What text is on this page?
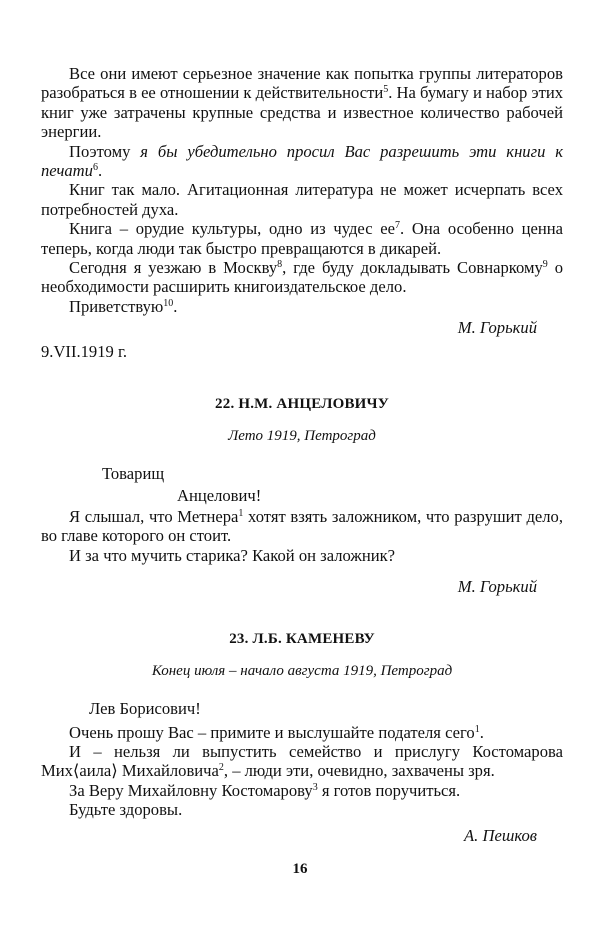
Все они имеют серьезное значение как попытка группы литераторов разобраться в ее отношении к действительности$^5$. На бумагу и набор этих книг уже затрачены крупные средства и известное количество рабочей энергии.

Поэтому я бы убедительно просил Вас разрешить эти книги к печати$^6$.

Книг так мало. Агитационная литература не может исчерпать всех потребностей духа.

Книга – орудие культуры, одно из чудес $ее^7$. Она особенно ценна теперь, когда люди так быстро превращаются в дикарей.

Сегодня я уезжаю в Москву$^8$, где буду докладывать Совнаркому$^9$ о необходимости расширить книгоиздательское дело.

Приветствую$^{10}$.

М. Горький

9.VII.1919 г.

22. Н.М. АНЦЕЛОВИЧУ

Лето 1919, Петроград

Товарищ

Анцелович!

Я слышал, что Метнера$^1$ хотят взять заложником, что разрушит дело, во главе которого он стоит.

И за что мучить старика? Какой он заложник?

М. Горький

23. Л.Б. КАМЕНЕВУ

Конец июля – начало августа 1919, Петроград

Лев Борисович!

Очень прошу Вас – примите и выслушайте подателя сего$^1$.

И – нельзя ли выпустить семейство и прислугу Костомарова Мих⟨аила⟩ Михайловича$^2$, – люди эти, очевидно, захвачены зря.

За Веру Михайловну Костомарову$^3$ я готов поручиться.

Будьте здоровы.

А. Пешков

16
